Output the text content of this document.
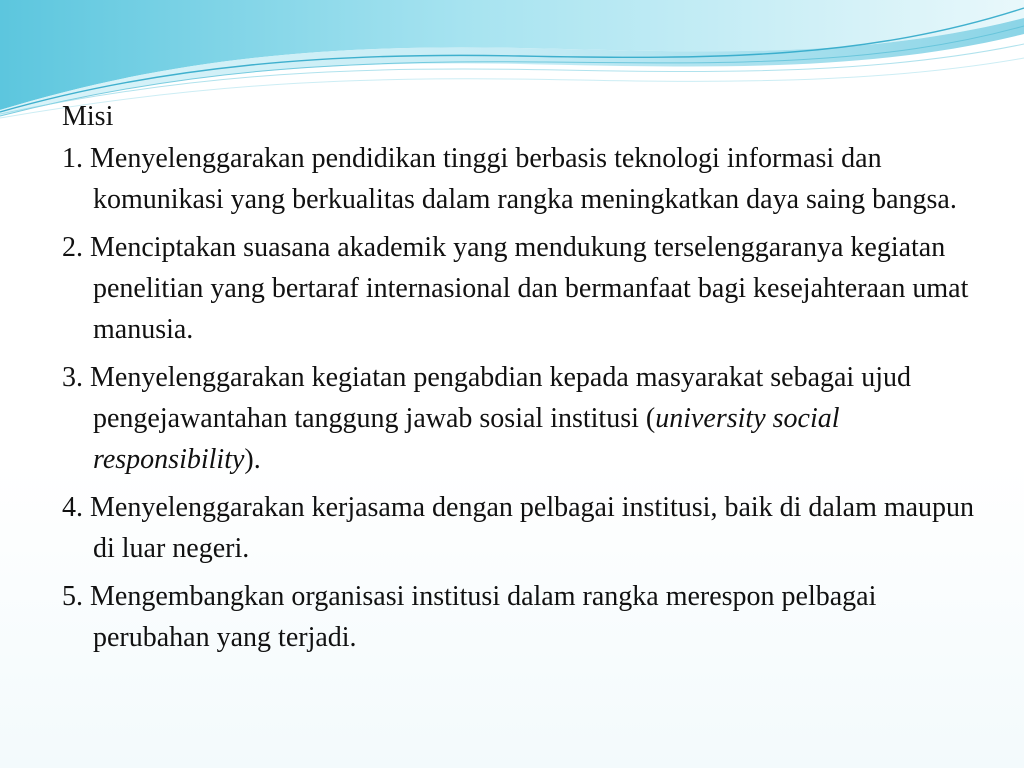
Misi

1. Menyelenggarakan pendidikan tinggi berbasis teknologi informasi dan komunikasi yang berkualitas dalam rangka meningkatkan daya saing bangsa.

2. Menciptakan suasana akademik yang mendukung terselenggaranya kegiatan penelitian yang bertaraf internasional dan bermanfaat bagi kesejahteraan umat manusia.

3. Menyelenggarakan kegiatan pengabdian kepada masyarakat sebagai ujud pengejawantahan tanggung jawab sosial institusi (university social responsibility).

4. Menyelenggarakan kerjasama dengan pelbagai institusi, baik di dalam maupun di luar negeri.

5. Mengembangkan organisasi institusi dalam rangka merespon pelbagai perubahan yang terjadi.
